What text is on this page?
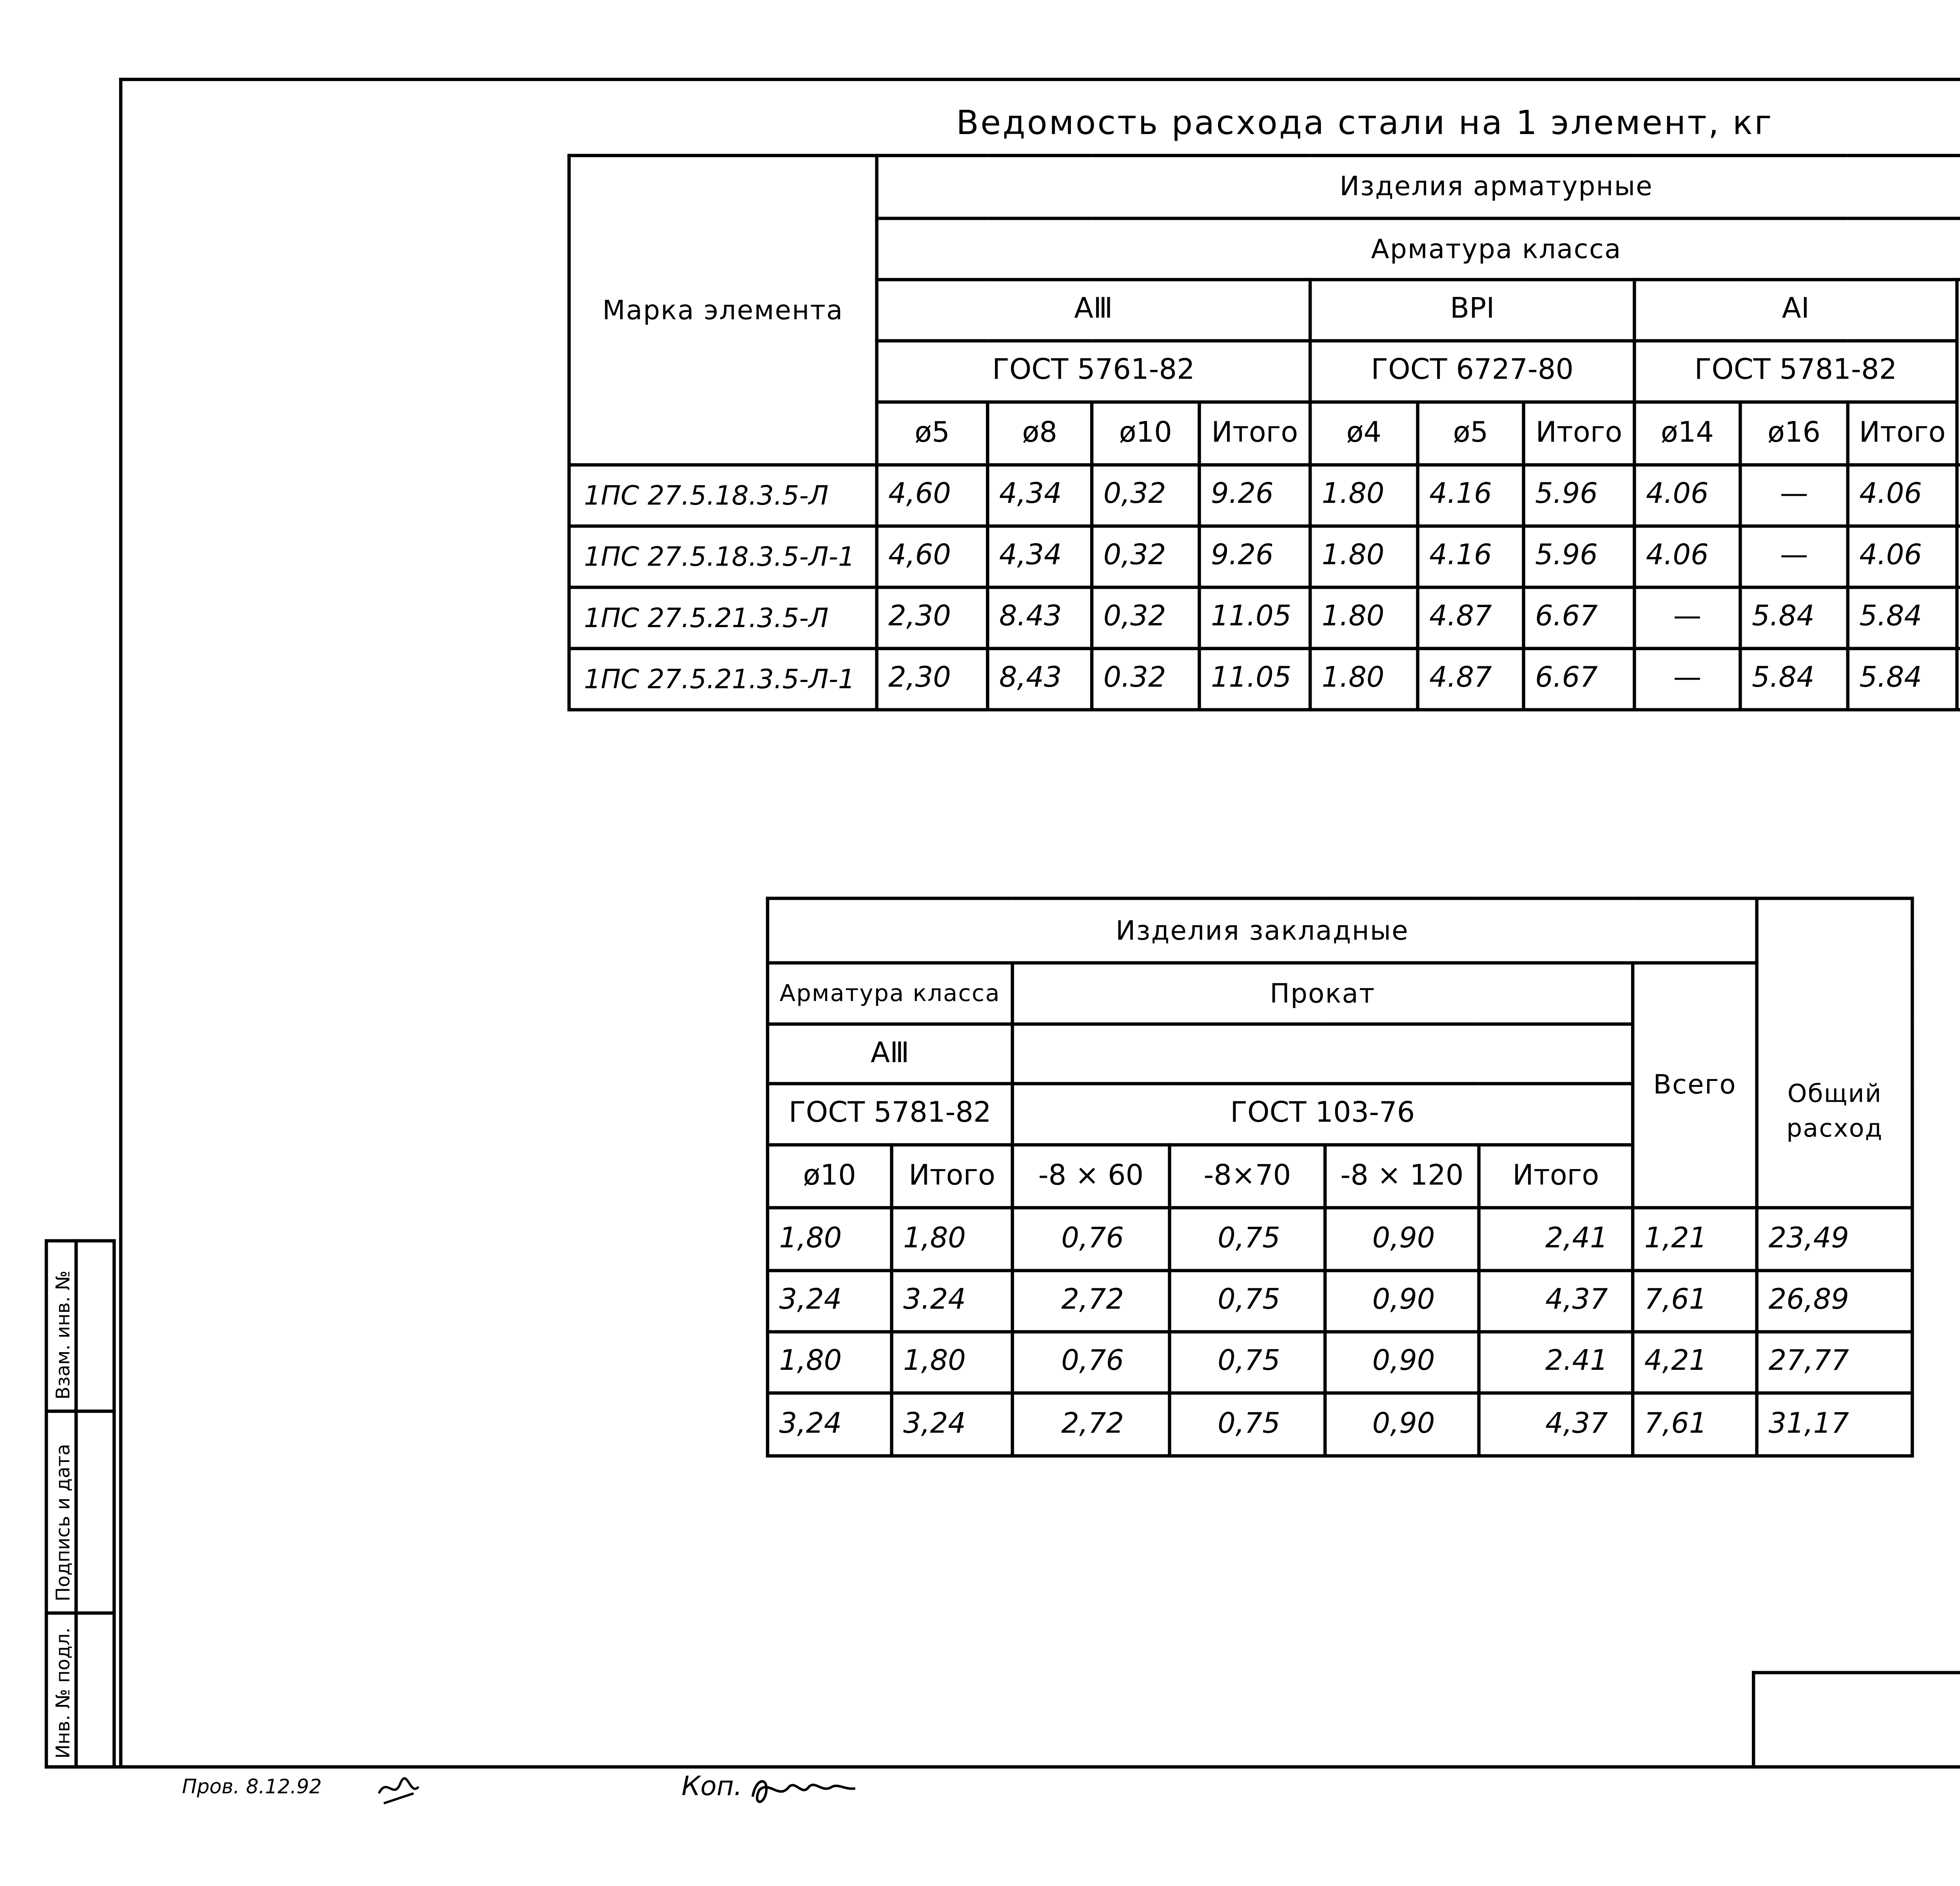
Ведомость расхода стали на 1 элемент, кг
Марка элемента	Изделия арматурные										
	Арматура класса										
	AⅢ				BPⅠ			AⅠ	
	ГОСТ 5761-82				ГОСТ 6727-80			ГОСТ 5781-82			
	ø5	ø8	ø10	Итого	ø4	ø5	Итого	ø14	ø16	Итого	
1ПС 27.5.18.3.5-Л	4,60	4,34	0,32	9.26	1.80	4.16	5.96	4.06	—	4.06	
1ПС 27.5.18.3.5-Л-1	4,60	4,34	0,32	9.26	1.80	4.16	5.96	4.06	—	4.06	
1ПС 27.5.21.3.5-Л	2,30	8.43	0,32	11.05	1.80	4.87	6.67	—	5.84	5.84	
1ПС 27.5.21.3.5-Л-1	2,30	8,43	0.32	11.05	1.80	4.87	6.67	—	5.84	5.84	
Изделия закладные							Общий расход
Арматура класса		Прокат				Всего	
AⅢ							
ГОСТ 5781-82		ГОСТ 103-76					
ø10	Итого	-8 × 60	-8×70	-8 × 120	Итого		
1,80	1,80	0,76	0,75	0,90	2,41	1,21	23,49
3,24	3.24	2,72	0,75	0,90	4,37	7,61	26,89
1,80	1,80	0,76	0,75	0,90	2.41	4,21	27,77
3,24	3,24	2,72	0,75	0,90	4,37	7,61	31,17
Взам. инв. №
Подпись и дата
Инв. № подл.
Пров. 8.12.92	Коп.
